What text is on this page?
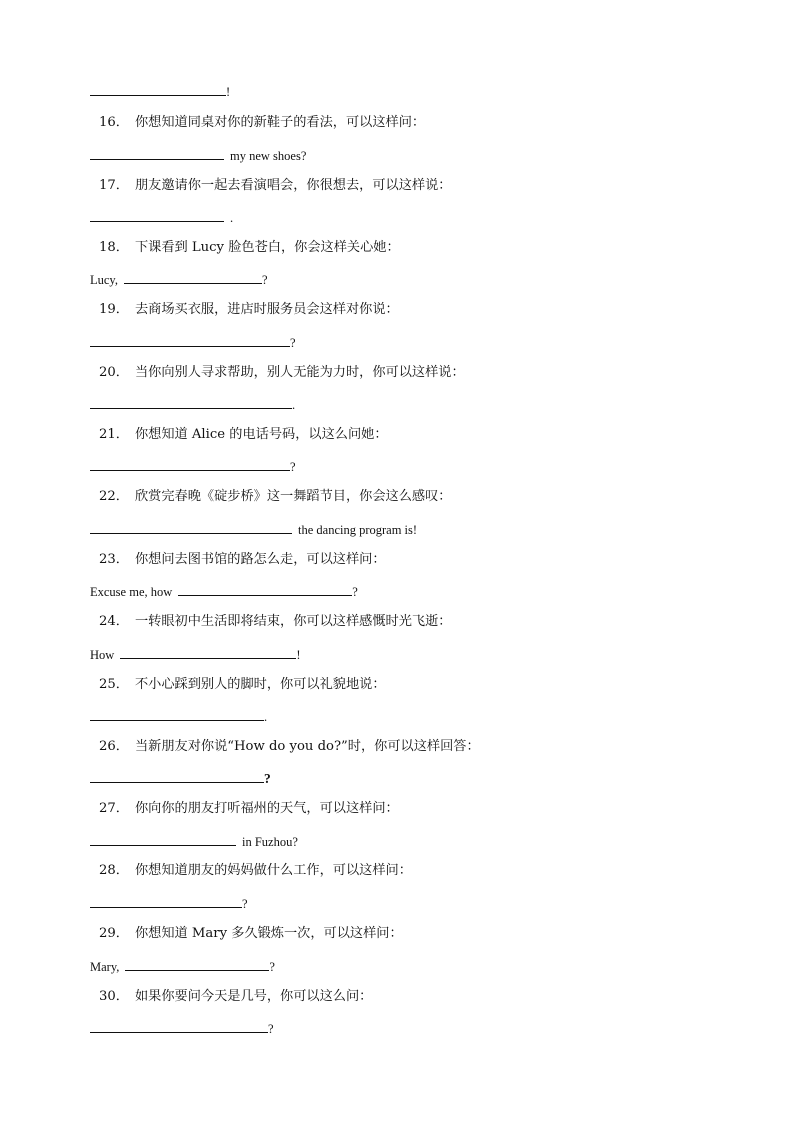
!
16． 你想知道同桌对你的新鞋子的看法，可以这样问：
my new shoes?
17． 朋友邀请你一起去看演唱会，你很想去，可以这样说：
.
18． 下课看到 Lucy 脸色苍白，你会这样关心她：
Lucy,	?
19． 去商场买衣服，进店时服务员会这样对你说：
?
20． 当你向别人寻求帮助，别人无能为力时，你可以这样说：
.
21． 你想知道 Alice 的电话号码，以这么问她：
?
22． 欣赏完春晚《碇步桥》这一舞蹈节目，你会这么感叹：
the dancing program is!
23． 你想问去图书馆的路怎么走，可以这样问：
Excuse me, how	?
24． 一转眼初中生活即将结束，你可以这样感慨时光飞逝：
How	!
25． 不小心踩到别人的脚时，你可以礼貌地说：
.
26． 当新朋友对你说“How do you do?”时，你可以这样回答：
?
27． 你向你的朋友打听福州的天气，可以这样问：
in Fuzhou?
28． 你想知道朋友的妈妈做什么工作，可以这样问：
?
29． 你想知道 Mary 多久锻炼一次，可以这样问：
Mary,	?
30． 如果你要问今天是几号，你可以这么问：
?
